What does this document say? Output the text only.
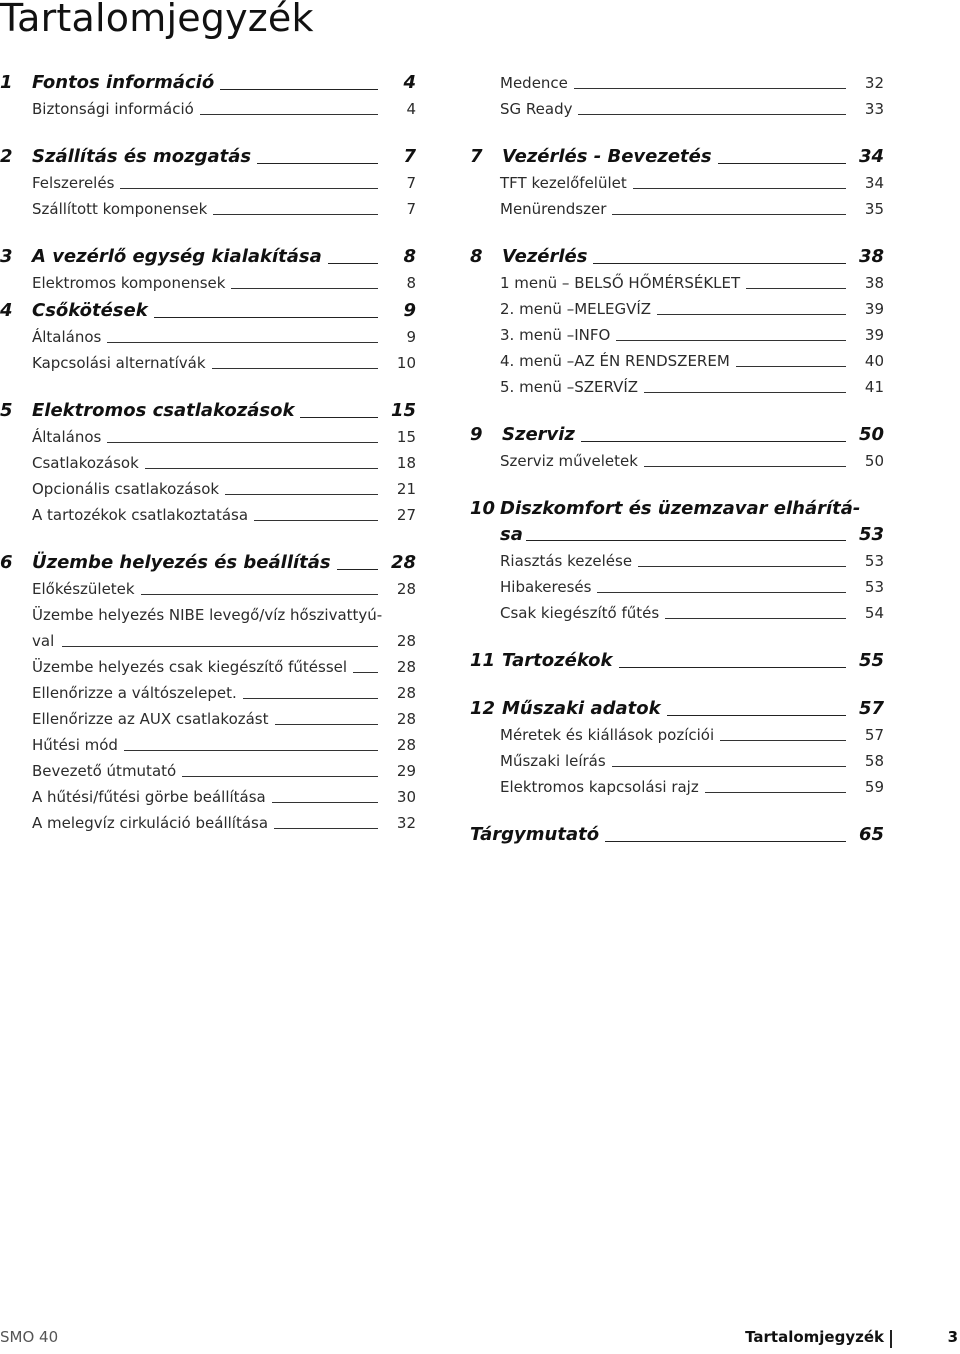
Tartalomjegyzék
1 Fontos információ	4
Biztonsági információ	4
2 Szállítás és mozgatás	7
Felszerelés	7
Szállított komponensek	7
3 A vezérlő egység kialakítása	8
Elektromos komponensek	8
4 Csőkötések	9
Általános	9
Kapcsolási alternatívák	10
5 Elektromos csatlakozások	15
Általános	15
Csatlakozások	18
Opcionális csatlakozások	21
A tartozékok csatlakoztatása	27
6 Üzembe helyezés és beállítás	28
Előkészületek	28
Üzembe helyezés NIBE levegő/víz hőszivattyú-
val	28
Üzembe helyezés csak kiegészítő fűtéssel	28
Ellenőrizze a váltószelepet.	28
Ellenőrizze az AUX csatlakozást	28
Hűtési mód	28
Bevezető útmutató	29
A hűtési/fűtési görbe beállítása	30
A melegvíz cirkuláció beállítása	32
Medence	32
SG Ready	33
7 Vezérlés - Bevezetés	34
TFT kezelőfelület	34
Menürendszer	35
8 Vezérlés	38
1 menü – BELSŐ HŐMÉRSÉKLET	38
2. menü –MELEGVÍZ	39
3. menü –INFO	39
4. menü –AZ ÉN RENDSZEREM	40
5. menü –SZERVÍZ	41
9 Szerviz	50
Szerviz műveletek	50
10 Diszkomfort és üzemzavar elhárítá-
sa	53
Riasztás kezelése	53
Hibakeresés	53
Csak kiegészítő fűtés	54
11 Tartozékok	55
12 Műszaki adatok	57
Méretek és kiállások pozíciói	57
Műszaki leírás	58
Elektromos kapcsolási rajz	59
Tárgymutató	65
SMO 40	Tartalomjegyzék	3
